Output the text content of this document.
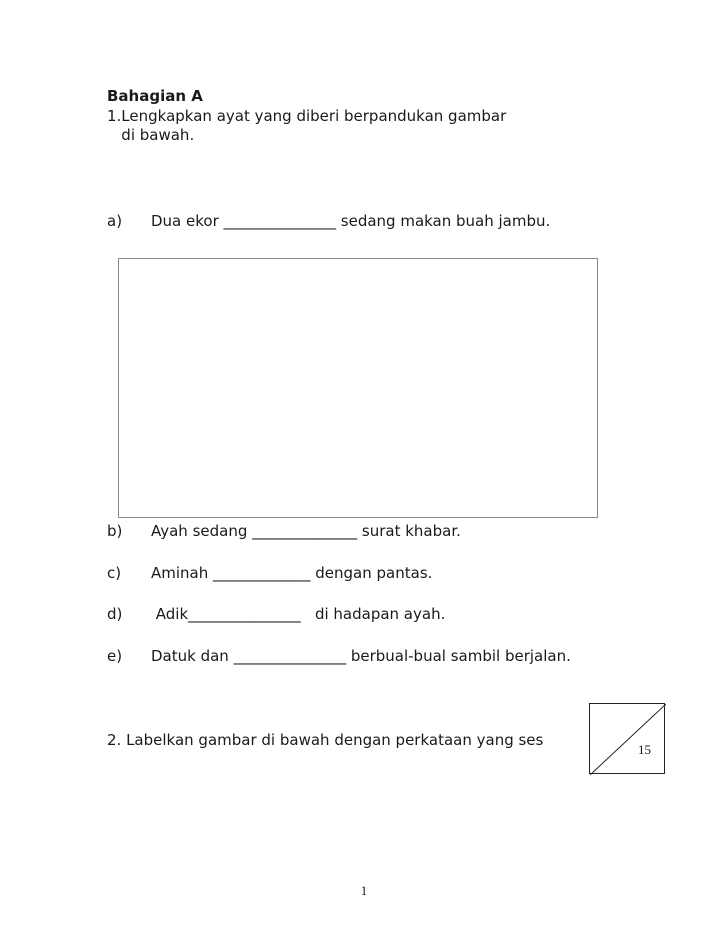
Bahagian A
1.Lengkapkan ayat yang diberi berpandukan gambar
di bawah.
a) Dua ekor _______________ sedang makan buah jambu.
b) Ayah sedang ______________ surat khabar.
c) Aminah _____________ dengan pantas.
d) Adik_______________   di hadapan ayah.
e) Datuk dan _______________ berbual-bual sambil berjalan.
2. Labelkan gambar di bawah dengan perkataan yang ses
15
1
